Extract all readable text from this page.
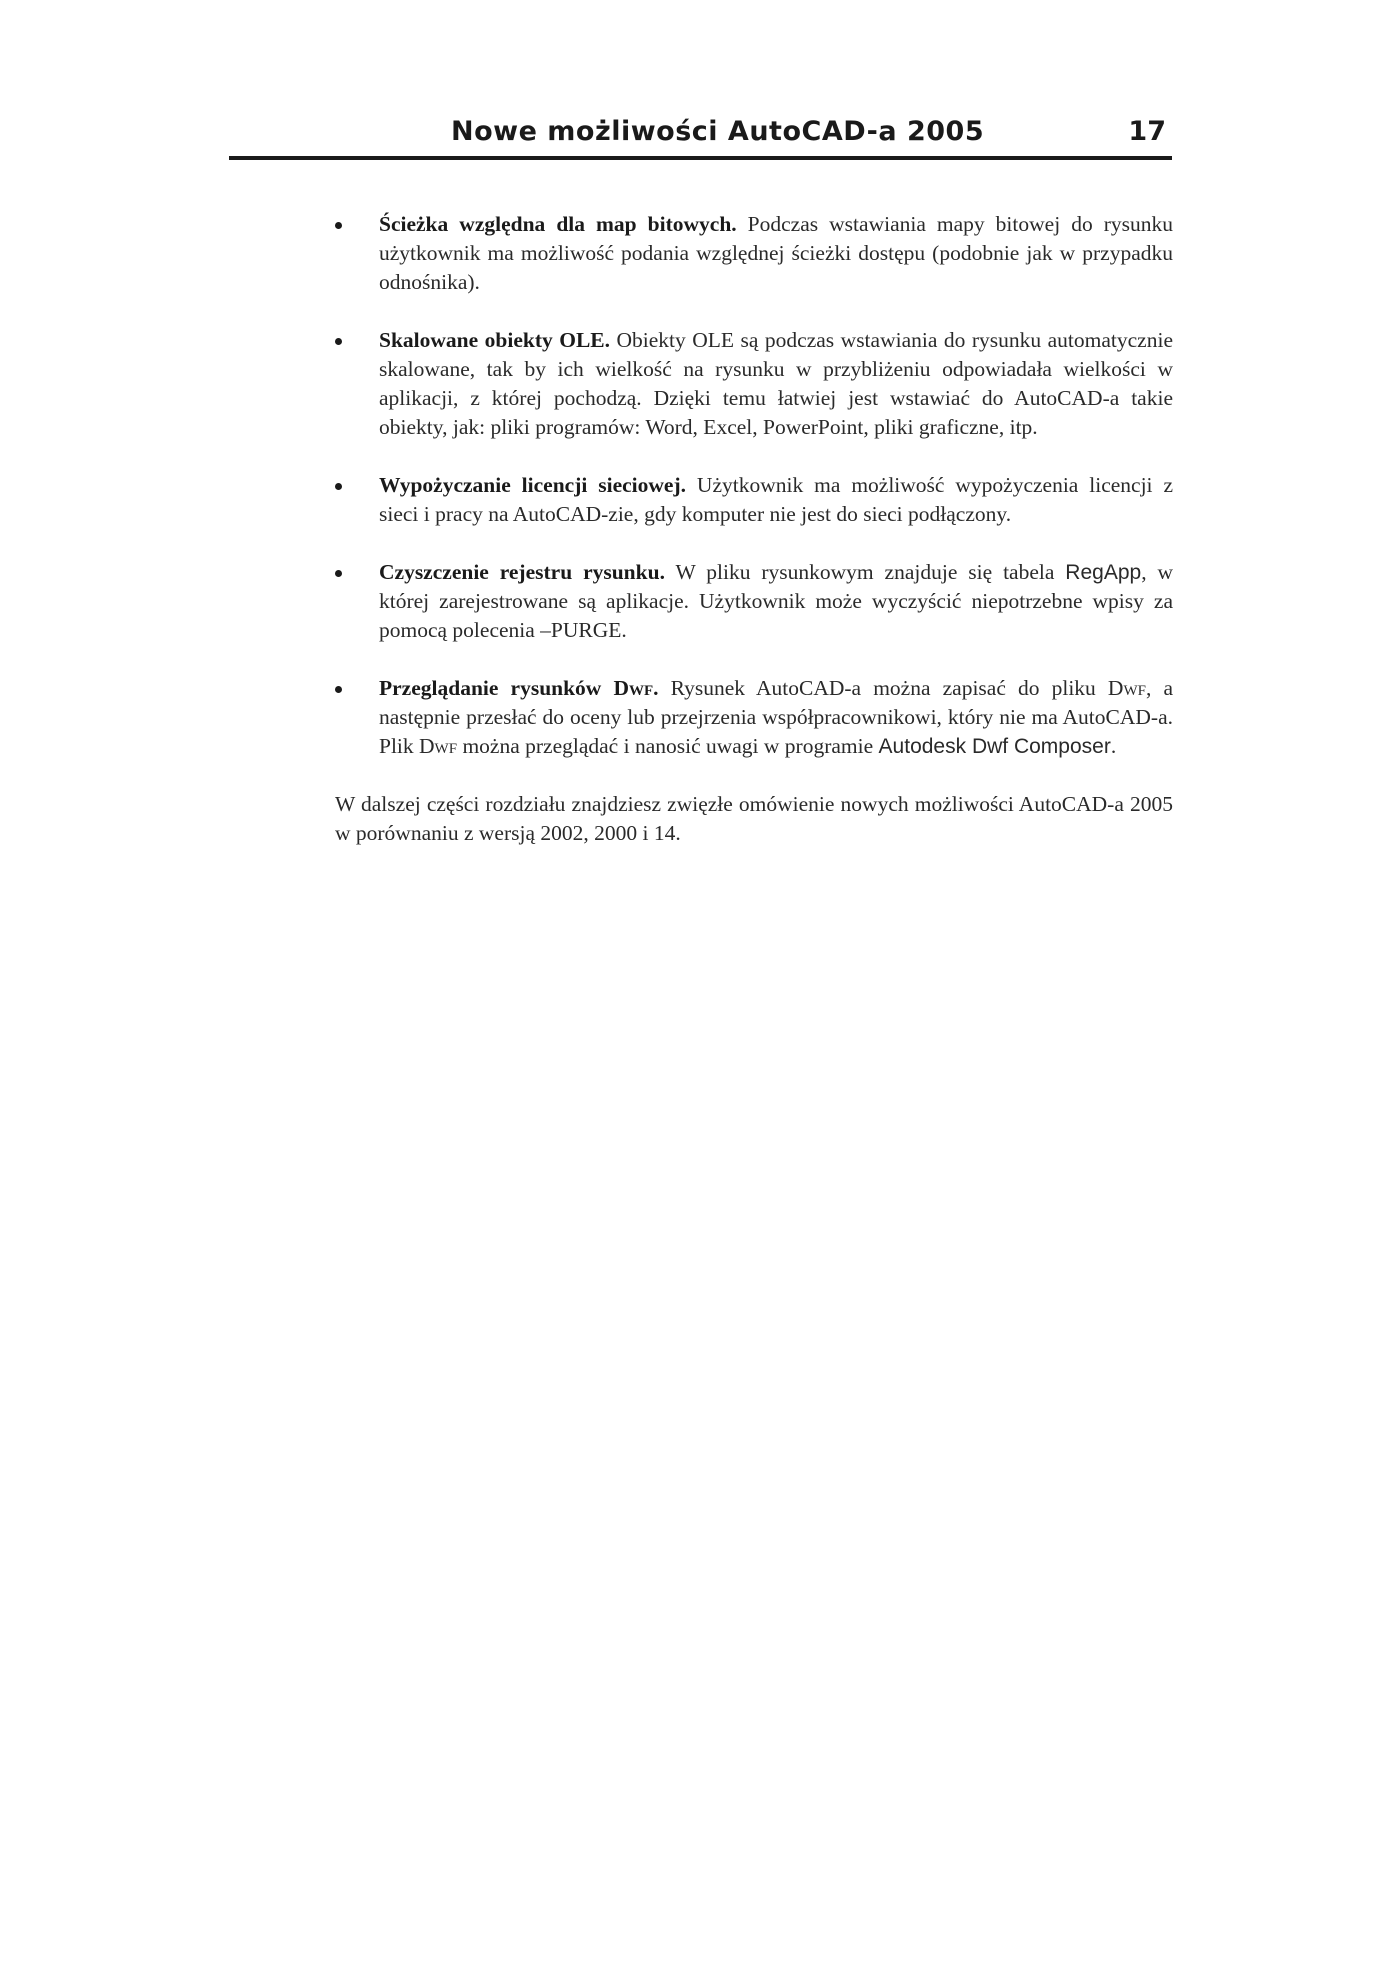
Nowe możliwości AutoCAD-a 2005	17
Ścieżka względna dla map bitowych. Podczas wstawiania mapy bitowej do rysunku użytkownik ma możliwość podania względnej ścieżki dostępu (podobnie jak w przypadku odnośnika).
Skalowane obiekty OLE. Obiekty OLE są podczas wstawiania do rysunku automatycznie skalowane, tak by ich wielkość na rysunku w przybliżeniu odpowiadała wielkości w aplikacji, z której pochodzą. Dzięki temu łatwiej jest wstawiać do AutoCAD-a takie obiekty, jak: pliki programów: Word, Excel, PowerPoint, pliki graficzne, itp.
Wypożyczanie licencji sieciowej. Użytkownik ma możliwość wypożyczenia licencji z sieci i pracy na AutoCAD-zie, gdy komputer nie jest do sieci podłączony.
Czyszczenie rejestru rysunku. W pliku rysunkowym znajduje się tabela RegApp, w której zarejestrowane są aplikacje. Użytkownik może wyczyścić niepotrzebne wpisy za pomocą polecenia –PURGE.
Przeglądanie rysunków Dwf. Rysunek AutoCAD-a można zapisać do pliku Dwf, a następnie przesłać do oceny lub przejrzenia współpracownikowi, który nie ma AutoCAD-a. Plik Dwf można przeglądać i nanosić uwagi w programie Autodesk Dwf Composer.

W dalszej części rozdziału znajdziesz zwięzłe omówienie nowych możliwości AutoCAD-a 2005 w porównaniu z wersją 2002, 2000 i 14.
